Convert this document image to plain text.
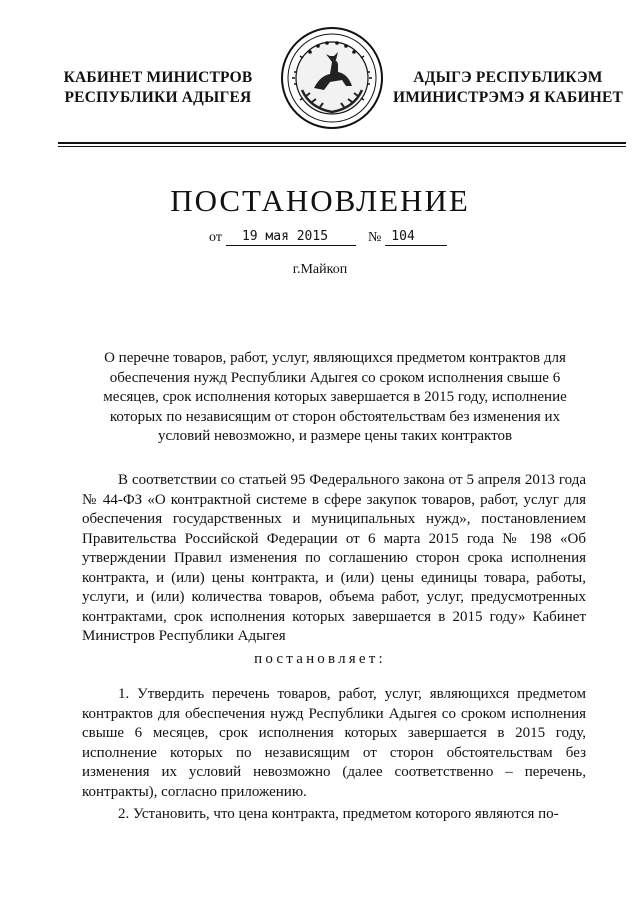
КАБИНЕТ МИНИСТРОВ
РЕСПУБЛИКИ АДЫГЕЯ
АДЫГЭ РЕСПУБЛИКЭМ
ИМИНИСТРЭМЭ Я КАБИНЕТ
ПОСТАНОВЛЕНИЕ
от 19 мая 2015	№ 104
г.Майкоп
О перечне товаров, работ, услуг, являющихся предметом контрактов для обеспечения нужд Республики Адыгея со сроком исполнения свыше 6 месяцев, срок исполнения которых завершается в 2015 году, исполнение которых по независящим от сторон обстоятельствам без изменения их условий невозможно, и размере цены таких контрактов
В соответствии со статьей 95 Федерального закона от 5 апреля 2013 года № 44-ФЗ «О контрактной системе в сфере закупок товаров, работ, услуг для обеспечения государственных и муниципальных нужд», постановлением Правительства Российской Федерации от 6 марта 2015 года № 198 «Об утверждении Правил изменения по соглашению сторон срока исполнения контракта, и (или) цены контракта, и (или) цены единицы товара, работы, услуги, и (или) количества товаров, объема работ, услуг, предусмотренных контрактами, срок исполнения которых завершается в 2015 году» Кабинет Министров Республики Адыгея
постановляет:
1. Утвердить перечень товаров, работ, услуг, являющихся предметом контрактов для обеспечения нужд Республики Адыгея со сроком исполнения свыше 6 месяцев, срок исполнения которых завершается в 2015 году, исполнение которых по независящим от сторон обстоятельствам без изменения их условий невозможно (далее соответственно – перечень, контракты), согласно приложению.
2. Установить, что цена контракта, предметом которого являются по-
